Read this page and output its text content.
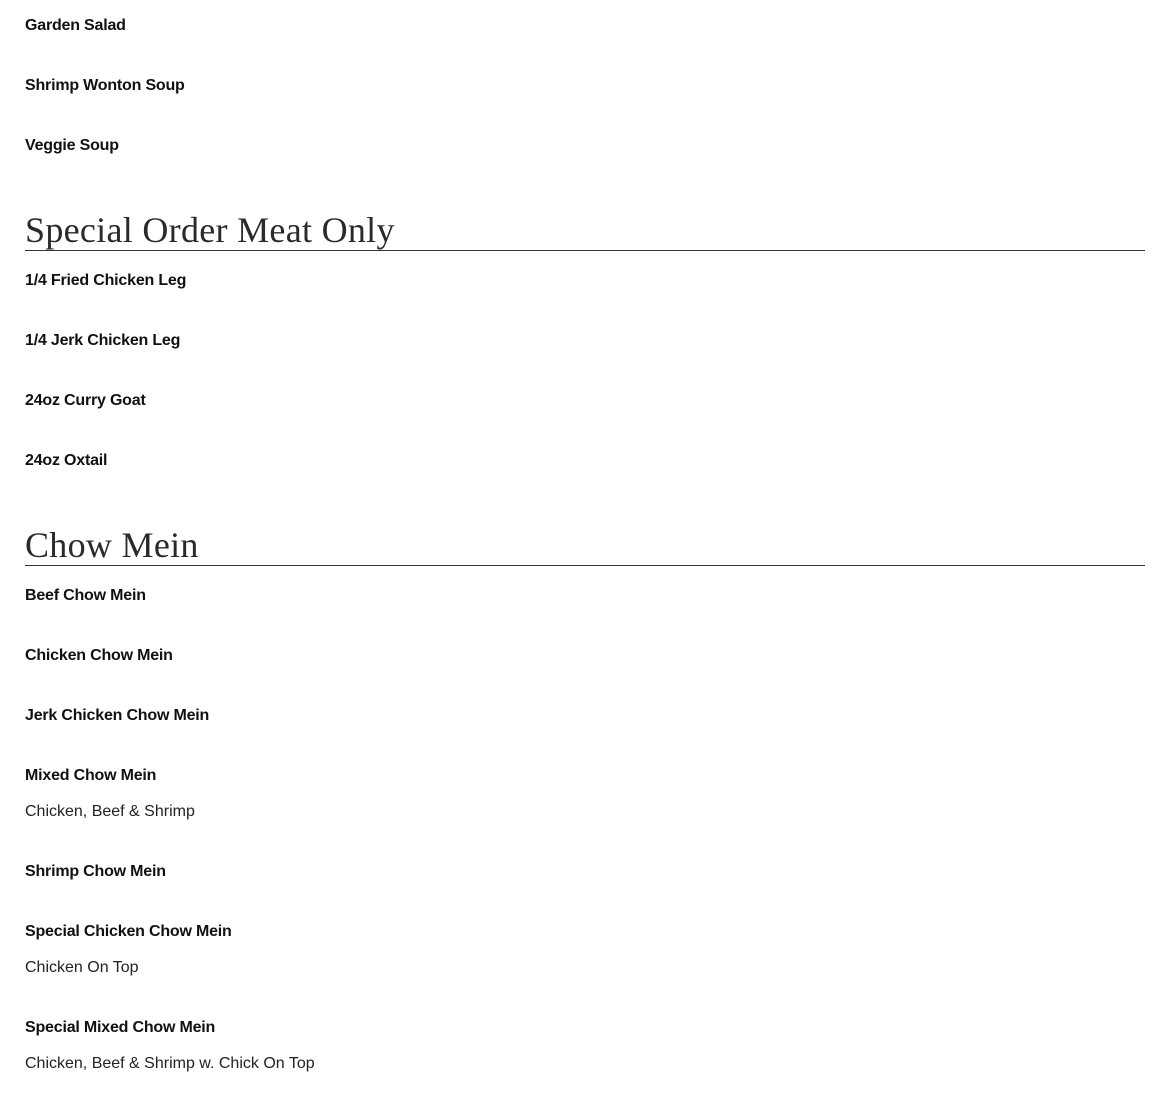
Garden Salad
Shrimp Wonton Soup
Veggie Soup
Special Order Meat Only
1/4 Fried Chicken Leg
1/4 Jerk Chicken Leg
24oz Curry Goat
24oz Oxtail
Chow Mein
Beef Chow Mein
Chicken Chow Mein
Jerk Chicken Chow Mein
Mixed Chow Mein
Chicken, Beef & Shrimp
Shrimp Chow Mein
Special Chicken Chow Mein
Chicken On Top
Special Mixed Chow Mein
Chicken, Beef & Shrimp w. Chick On Top
